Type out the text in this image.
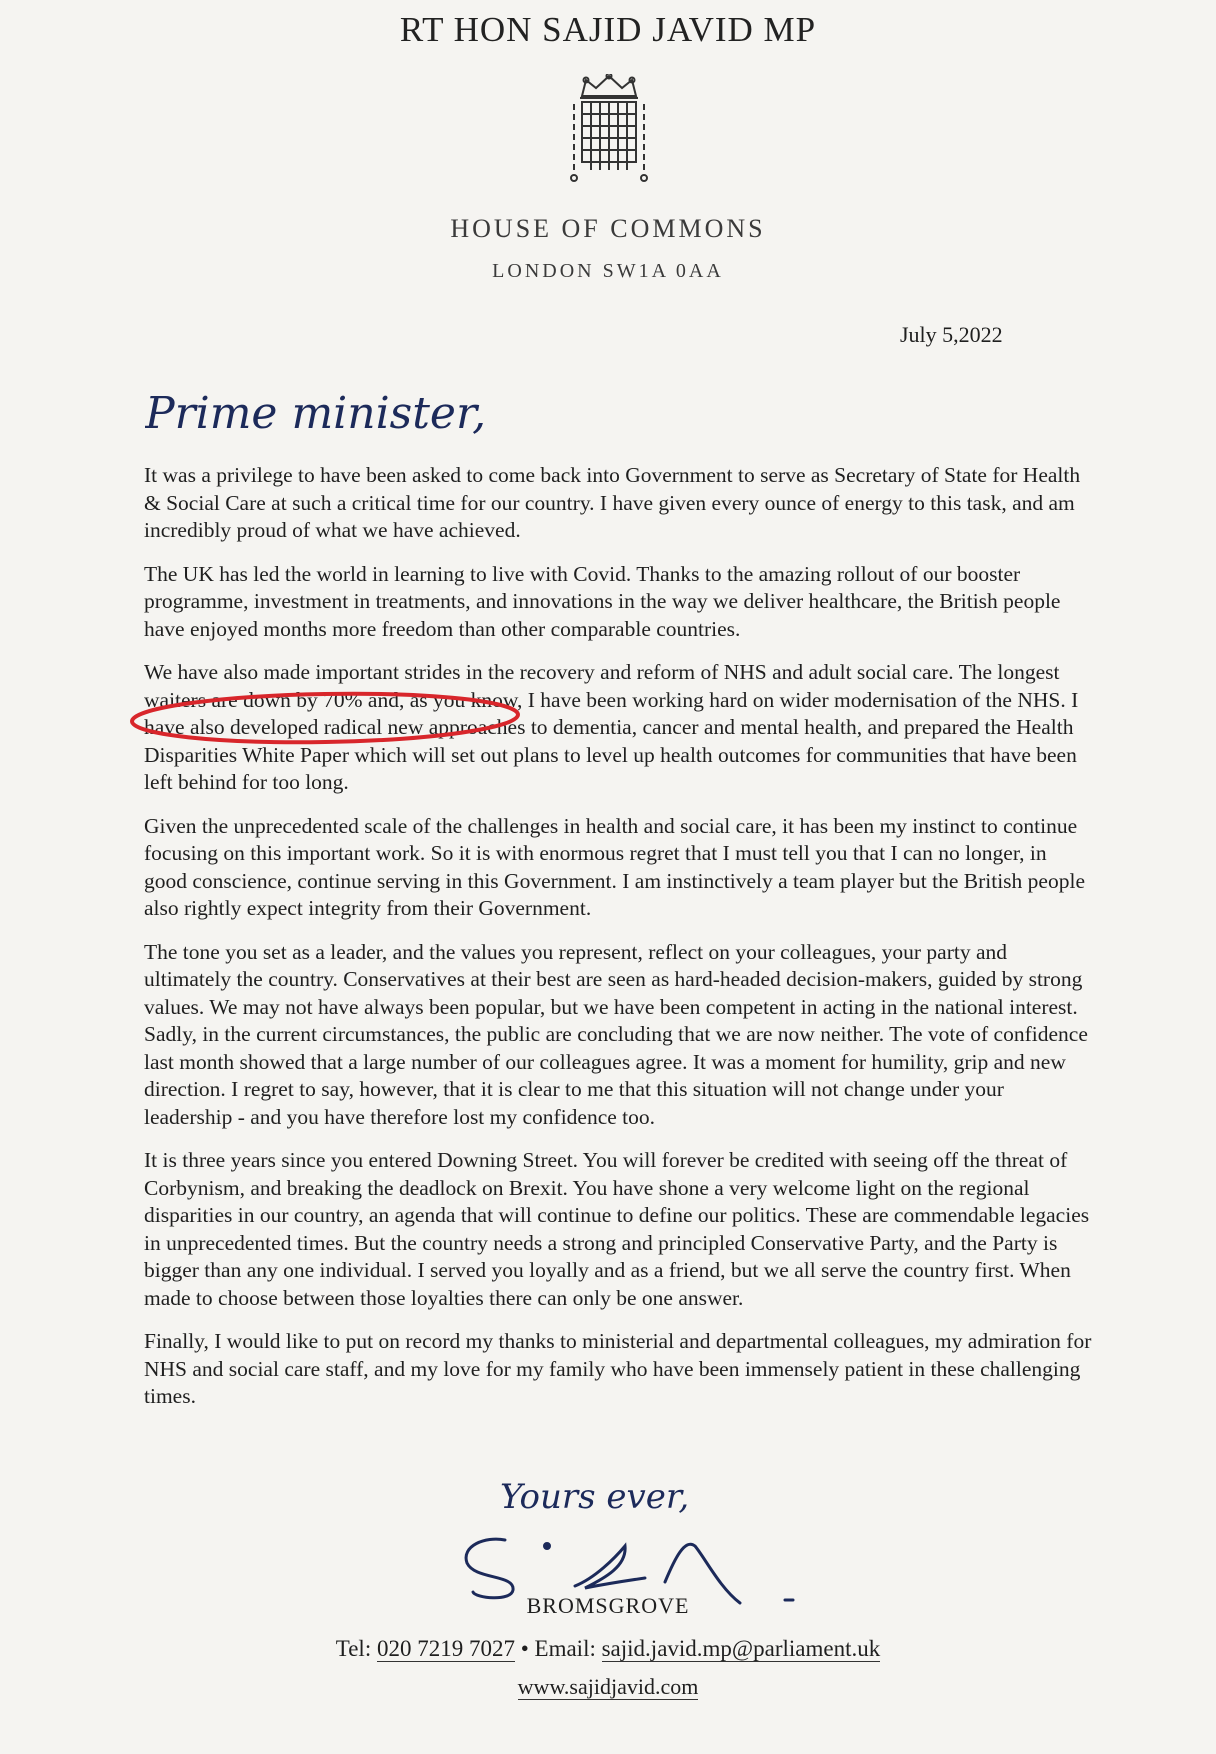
RT HON SAJID JAVID MP
HOUSE OF COMMONS
LONDON SW1A 0AA
July 5,2022
Prime minister,

It was a privilege to have been asked to come back into Government to serve as Secretary of State for Health & Social Care at such a critical time for our country. I have given every ounce of energy to this task, and am incredibly proud of what we have achieved.

The UK has led the world in learning to live with Covid. Thanks to the amazing rollout of our booster programme, investment in treatments, and innovations in the way we deliver healthcare, the British people have enjoyed months more freedom than other comparable countries.

We have also made important strides in the recovery and reform of NHS and adult social care. The longest waiters are down by 70% and, as you know, I have been working hard on wider modernisation of the NHS. I have also developed radical new approaches to dementia, cancer and mental health, and prepared the Health Disparities White Paper which will set out plans to level up health outcomes for communities that have been left behind for too long.

Given the unprecedented scale of the challenges in health and social care, it has been my instinct to continue focusing on this important work. So it is with enormous regret that I must tell you that I can no longer, in good conscience, continue serving in this Government. I am instinctively a team player but the British people also rightly expect integrity from their Government.

The tone you set as a leader, and the values you represent, reflect on your colleagues, your party and ultimately the country. Conservatives at their best are seen as hard-headed decision-makers, guided by strong values. We may not have always been popular, but we have been competent in acting in the national interest. Sadly, in the current circumstances, the public are concluding that we are now neither. The vote of confidence last month showed that a large number of our colleagues agree. It was a moment for humility, grip and new direction. I regret to say, however, that it is clear to me that this situation will not change under your leadership - and you have therefore lost my confidence too.

It is three years since you entered Downing Street. You will forever be credited with seeing off the threat of Corbynism, and breaking the deadlock on Brexit. You have shone a very welcome light on the regional disparities in our country, an agenda that will continue to define our politics. These are commendable legacies in unprecedented times. But the country needs a strong and principled Conservative Party, and the Party is bigger than any one individual. I served you loyally and as a friend, but we all serve the country first. When made to choose between those loyalties there can only be one answer.

Finally, I would like to put on record my thanks to ministerial and departmental colleagues, my admiration for NHS and social care staff, and my love for my family who have been immensely patient in these challenging times.

Yours ever,
BROMSGROVE
Tel: 020 7219 7027 • Email: sajid.javid.mp@parliament.uk
www.sajidjavid.com
